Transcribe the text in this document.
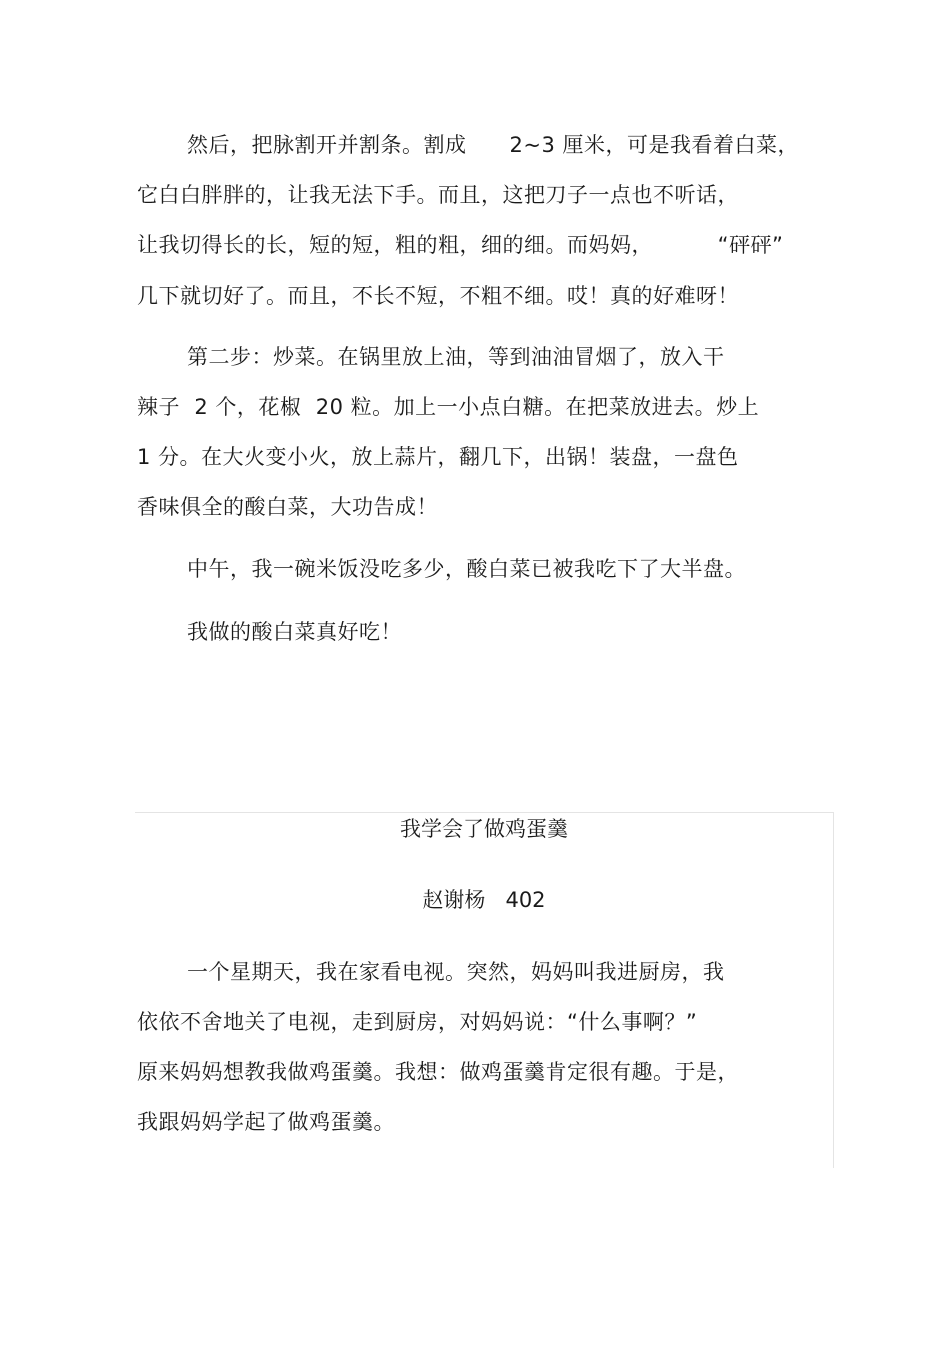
然后，把脉割开并割条。割成      2~3 厘米，可是我看着白菜，
它白白胖胖的，让我无法下手。而且，这把刀子一点也不听话，
让我切得长的长，短的短，粗的粗，细的细。而妈妈，         “砰砰”
几下就切好了。而且，不长不短，不粗不细。哎！真的好难呀！
第二步：炒菜。在锅里放上油，等到油油冒烟了，放入干
辣子  2 个，花椒  20 粒。加上一小点白糖。在把菜放进去。炒上
1 分。在大火变小火，放上蒜片，翻几下，出锅！装盘，一盘色
香味俱全的酸白菜，大功告成！
中午，我一碗米饭没吃多少，酸白菜已被我吃下了大半盘。
我做的酸白菜真好吃！
我学会了做鸡蛋羹
赵谢杨   402
一个星期天，我在家看电视。突然，妈妈叫我进厨房，我
依依不舍地关了电视，走到厨房，对妈妈说：“什么事啊？”
原来妈妈想教我做鸡蛋羹。我想：做鸡蛋羹肯定很有趣。于是，
我跟妈妈学起了做鸡蛋羹。
